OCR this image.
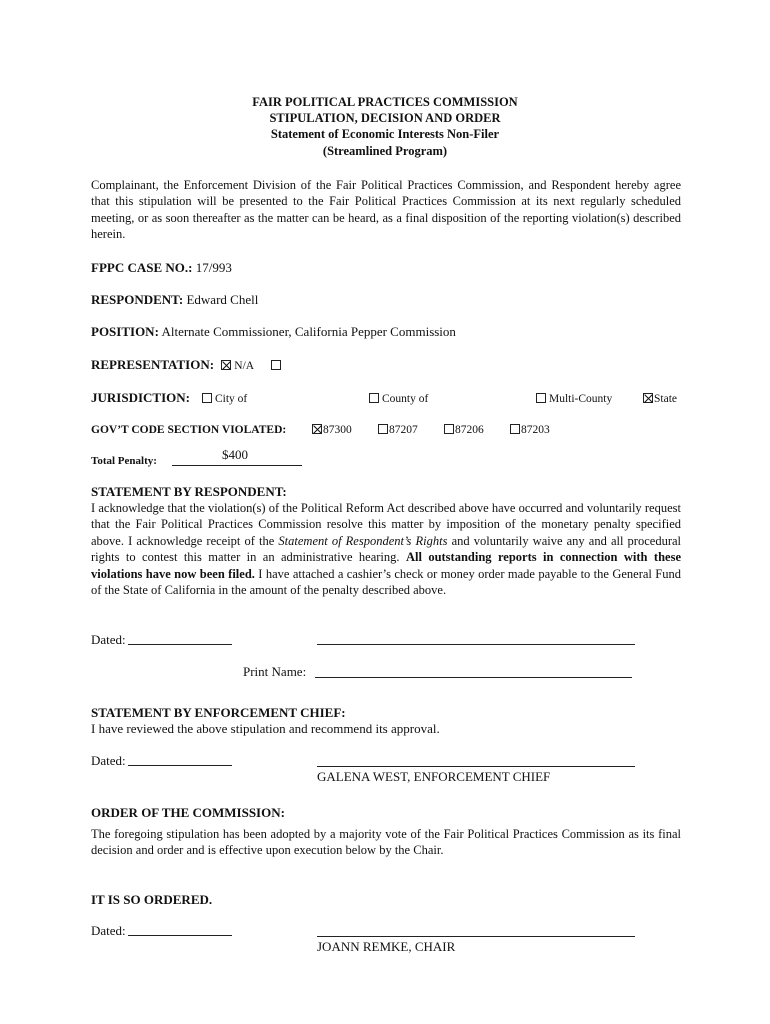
FAIR POLITICAL PRACTICES COMMISSION
STIPULATION, DECISION AND ORDER
Statement of Economic Interests Non-Filer
(Streamlined Program)
Complainant, the Enforcement Division of the Fair Political Practices Commission, and Respondent hereby agree that this stipulation will be presented to the Fair Political Practices Commission at its next regularly scheduled meeting, or as soon thereafter as the matter can be heard, as a final disposition of the reporting violation(s) described herein.
FPPC CASE NO.: 17/993
RESPONDENT: Edward Chell
POSITION: Alternate Commissioner, California Pepper Commission
REPRESENTATION: N/A
JURISDICTION:	City of	County of	Multi-County	State
GOV’T CODE SECTION VIOLATED:	87300	87207	87206	87203
Total Penalty:	$400
STATEMENT BY RESPONDENT:
I acknowledge that the violation(s) of the Political Reform Act described above have occurred and voluntarily request that the Fair Political Practices Commission resolve this matter by imposition of the monetary penalty specified above. I acknowledge receipt of the Statement of Respondent’s Rights and voluntarily waive any and all procedural rights to contest this matter in an administrative hearing. All outstanding reports in connection with these violations have now been filed. I have attached a cashier’s check or money order made payable to the General Fund of the State of California in the amount of the penalty described above.
Dated:
Print Name:
STATEMENT BY ENFORCEMENT CHIEF:
I have reviewed the above stipulation and recommend its approval.
Dated:
GALENA WEST, ENFORCEMENT CHIEF
ORDER OF THE COMMISSION:
The foregoing stipulation has been adopted by a majority vote of the Fair Political Practices Commission as its final decision and order and is effective upon execution below by the Chair.
IT IS SO ORDERED.
Dated:
JOANN REMKE, CHAIR
